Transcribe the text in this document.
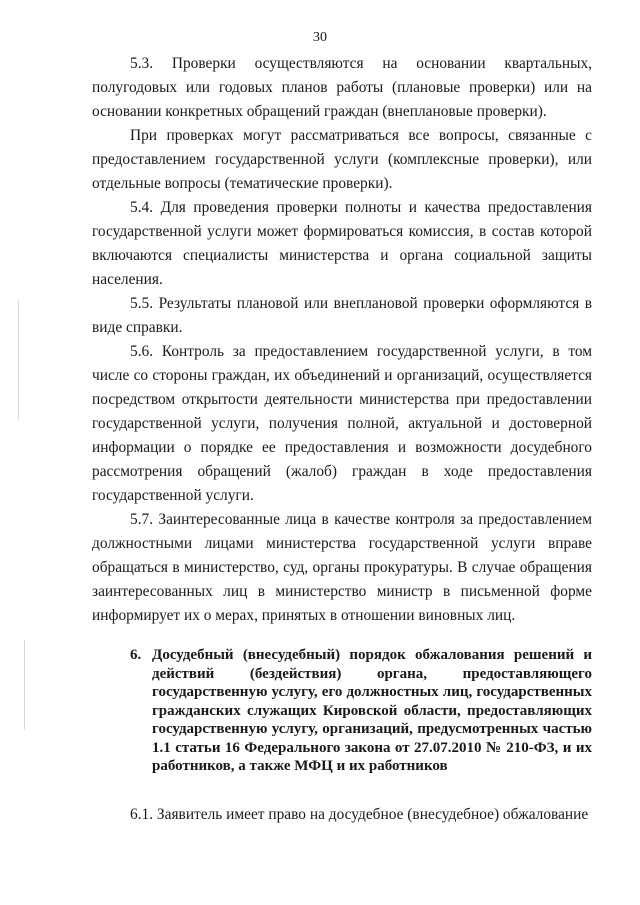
30

5.3. Проверки осуществляются на основании квартальных, полугодовых или годовых планов работы (плановые проверки) или на основании конкретных обращений граждан (внеплановые проверки).

При проверках могут рассматриваться все вопросы, связанные с предоставлением государственной услуги (комплексные проверки), или отдельные вопросы (тематические проверки).

5.4. Для проведения проверки полноты и качества предоставления государственной услуги может формироваться комиссия, в состав которой включаются специалисты министерства и органа социальной защиты населения.

5.5. Результаты плановой или внеплановой проверки оформляются в виде справки.

5.6. Контроль за предоставлением государственной услуги, в том числе со стороны граждан, их объединений и организаций, осуществляется посредством открытости деятельности министерства при предоставлении государственной услуги, получения полной, актуальной и достоверной информации о порядке ее предоставления и возможности досудебного рассмотрения обращений (жалоб) граждан в ходе предоставления государственной услуги.

5.7. Заинтересованные лица в качестве контроля за предоставлением должностными лицами министерства государственной услуги вправе обращаться в министерство, суд, органы прокуратуры. В случае обращения заинтересованных лиц в министерство министр в письменной форме информирует их о мерах, принятых в отношении виновных лиц.

6. Досудебный (внесудебный) порядок обжалования решений и действий (бездействия) органа, предоставляющего государственную услугу, его должностных лиц, государственных гражданских служащих Кировской области, предоставляющих государственную услугу, организаций, предусмотренных частью 1.1 статьи 16 Федерального закона от 27.07.2010 № 210-ФЗ, и их работников, а также МФЦ и их работников

6.1. Заявитель имеет право на досудебное (внесудебное) обжалование
